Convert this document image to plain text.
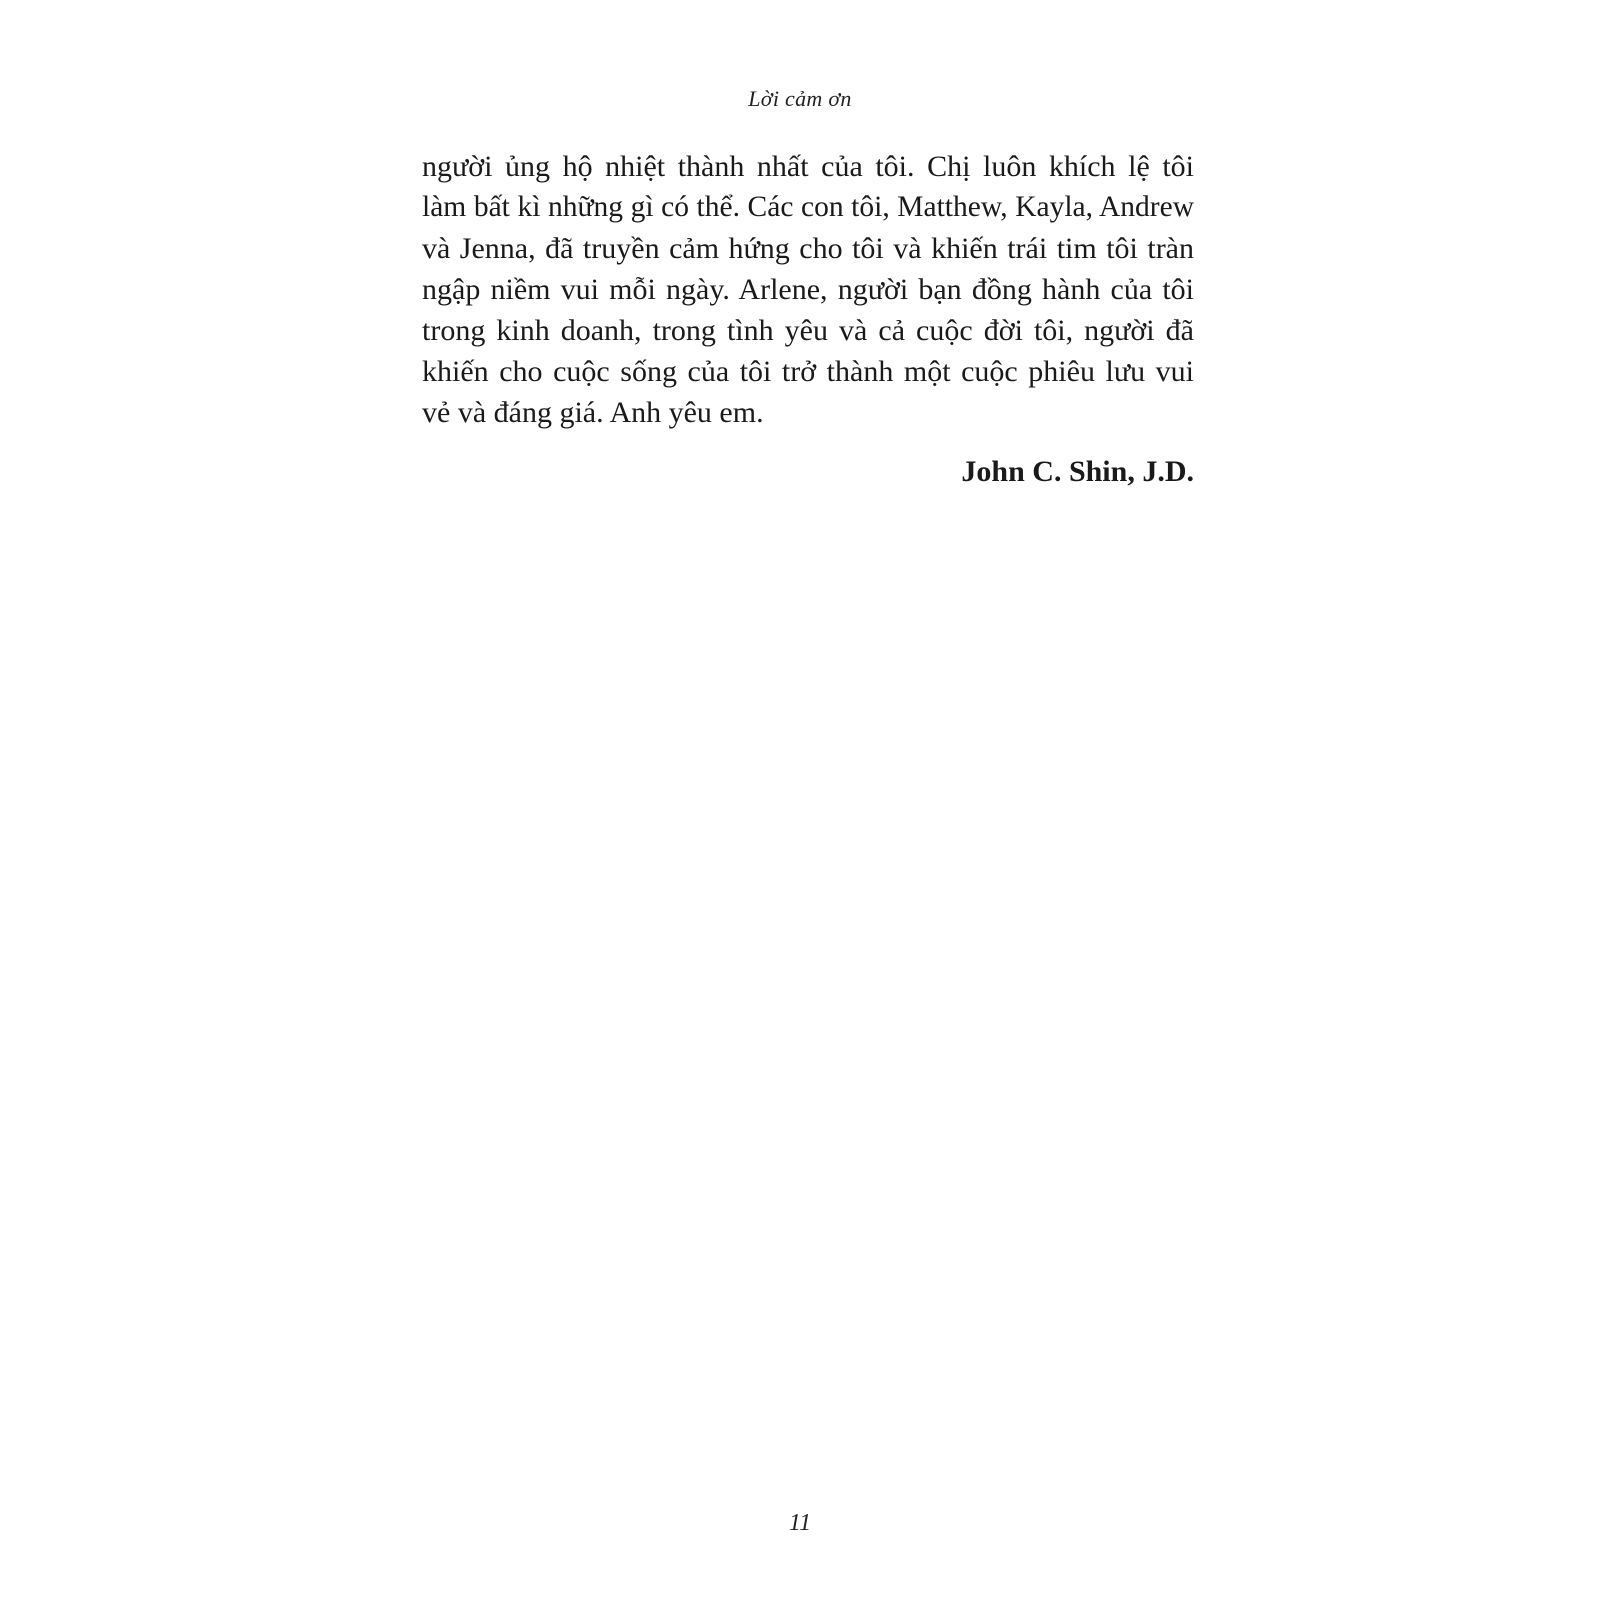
Lời cảm ơn
người ủng hộ nhiệt thành nhất của tôi. Chị luôn khích lệ tôi
làm bất kì những gì có thể. Các con tôi, Matthew, Kayla, Andrew
và Jenna, đã truyền cảm hứng cho tôi và khiến trái tim tôi tràn
ngập niềm vui mỗi ngày. Arlene, người bạn đồng hành của tôi
trong kinh doanh, trong tình yêu và cả cuộc đời tôi, người đã
khiến cho cuộc sống của tôi trở thành một cuộc phiêu lưu vui
vẻ và đáng giá. Anh yêu em.
John C. Shin, J.D.
11
